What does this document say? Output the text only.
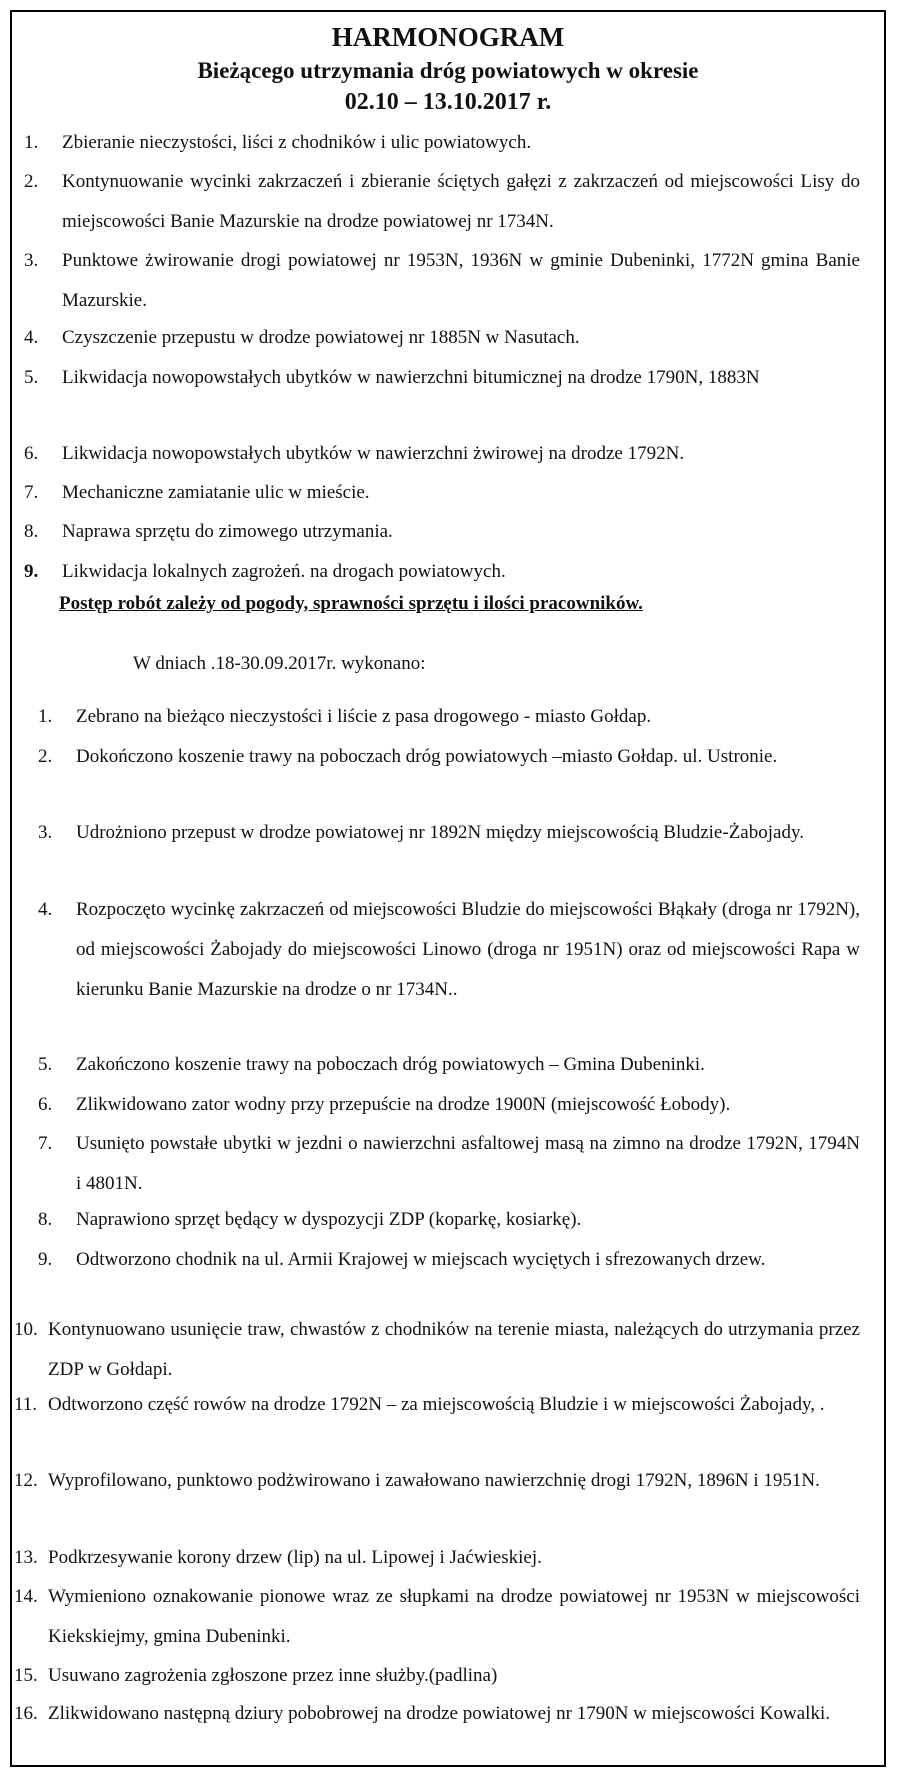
HARMONOGRAM
Bieżącego utrzymania dróg powiatowych w okresie
02.10 – 13.10.2017 r.
1.	Zbieranie nieczystości, liści z chodników i ulic powiatowych.
2.	Kontynuowanie wycinki zakrzaczeń i zbieranie ściętych gałęzi z zakrzaczeń od miejscowości Lisy do miejscowości Banie Mazurskie na drodze powiatowej nr 1734N.
3.	Punktowe żwirowanie drogi powiatowej nr 1953N, 1936N w gminie Dubeninki, 1772N gmina Banie Mazurskie.
4.	Czyszczenie przepustu w drodze powiatowej nr 1885N w Nasutach.
5.	Likwidacja nowopowstałych ubytków w nawierzchni bitumicznej na drodze 1790N, 1883N
6.	Likwidacja nowopowstałych ubytków w nawierzchni żwirowej na drodze 1792N.
7.	Mechaniczne zamiatanie ulic w mieście.
8.	Naprawa sprzętu do zimowego utrzymania.
9.	Likwidacja lokalnych zagrożeń. na drogach powiatowych.
Postęp robót zależy od pogody, sprawności sprzętu i ilości pracowników.
W dniach .18-30.09.2017r. wykonano:
1.	Zebrano na bieżąco nieczystości i liście z pasa drogowego - miasto Gołdap.
2.	Dokończono koszenie trawy na poboczach dróg powiatowych –miasto Gołdap. ul. Ustronie.
3.	Udrożniono przepust w drodze powiatowej nr 1892N między miejscowością Bludzie-Żabojady.
4.	Rozpoczęto wycinkę zakrzaczeń od miejscowości Bludzie do miejscowości Błąkały (droga nr 1792N), od miejscowości Żabojady do miejscowości Linowo (droga nr 1951N) oraz od miejscowości Rapa w kierunku Banie Mazurskie na drodze o nr 1734N..
5.	Zakończono koszenie trawy na poboczach dróg powiatowych – Gmina Dubeninki.
6.	Zlikwidowano zator wodny przy przepuście na drodze 1900N (miejscowość Łobody).
7.	Usunięto powstałe ubytki w jezdni o nawierzchni asfaltowej masą na zimno na drodze 1792N, 1794N i 4801N.
8.	Naprawiono sprzęt będący w dyspozycji ZDP (koparkę, kosiarkę).
9.	Odtworzono chodnik na ul. Armii Krajowej w miejscach wyciętych i sfrezowanych drzew.
10. Kontynuowano usunięcie traw, chwastów z chodników na terenie miasta, należących do utrzymania przez ZDP w Gołdapi.
11. Odtworzono część rowów na drodze 1792N – za miejscowością Bludzie i w miejscowości Żabojady, .
12. Wyprofilowano, punktowo podżwirowano i zawałowano nawierzchnię drogi 1792N, 1896N i 1951N.
13. Podkrzesywanie korony drzew (lip) na ul. Lipowej i Jaćwieskiej.
14. Wymieniono oznakowanie pionowe wraz ze słupkami na drodze powiatowej nr 1953N w miejscowości Kiekskiejmy, gmina Dubeninki.
15. Usuwano zagrożenia zgłoszone przez inne służby.(padlina)
16. Zlikwidowano następną dziury pobobrowej na drodze powiatowej nr 1790N w miejscowości Kowalki.
